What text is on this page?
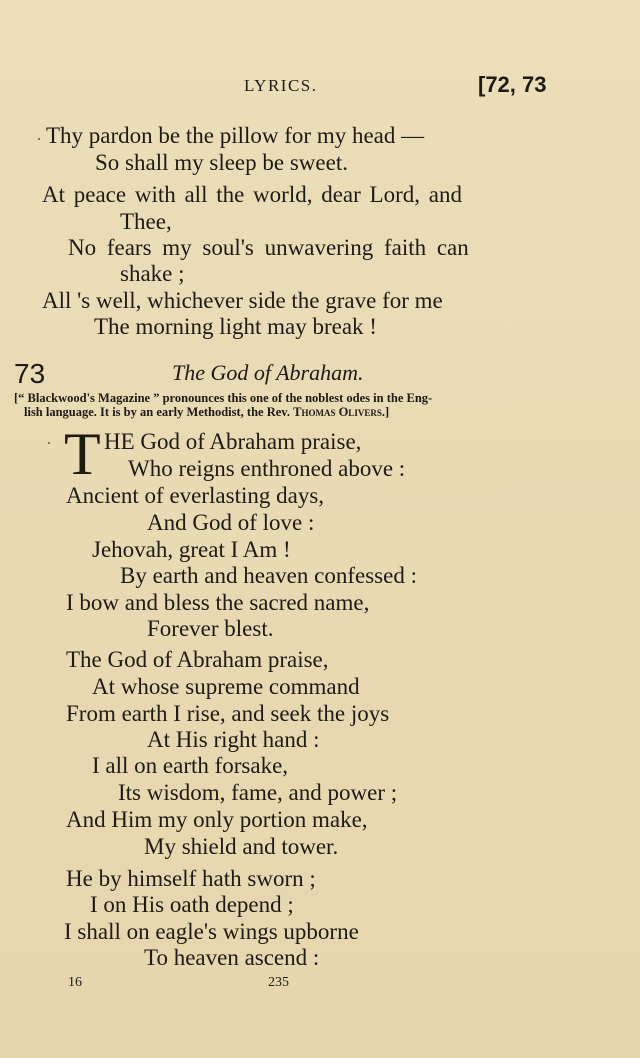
LYRICS.	[72, 73
Thy pardon be the pillow for my head —
So shall my sleep be sweet.
At peace with all the world, dear Lord, and
Thee,
No fears my soul's unwavering faith can
shake ;
All 's well, whichever side the grave for me
The morning light may break !
73	The God of Abraham.
[“ Blackwood's Magazine ” pronounces this one of the noblest odes in the Eng-
lish language. It is by an early Methodist, the Rev. Thomas Olivers.]
T HE God of Abraham praise,
Who reigns enthroned above :
Ancient of everlasting days,
And God of love :
Jehovah, great I Am !
By earth and heaven confessed :
I bow and bless the sacred name,
Forever blest.
The God of Abraham praise,
At whose supreme command
From earth I rise, and seek the joys
At His right hand :
I all on earth forsake,
Its wisdom, fame, and power ;
And Him my only portion make,
My shield and tower.
He by himself hath sworn ;
I on His oath depend ;
I shall on eagle's wings upborne
To heaven ascend :
16	235
